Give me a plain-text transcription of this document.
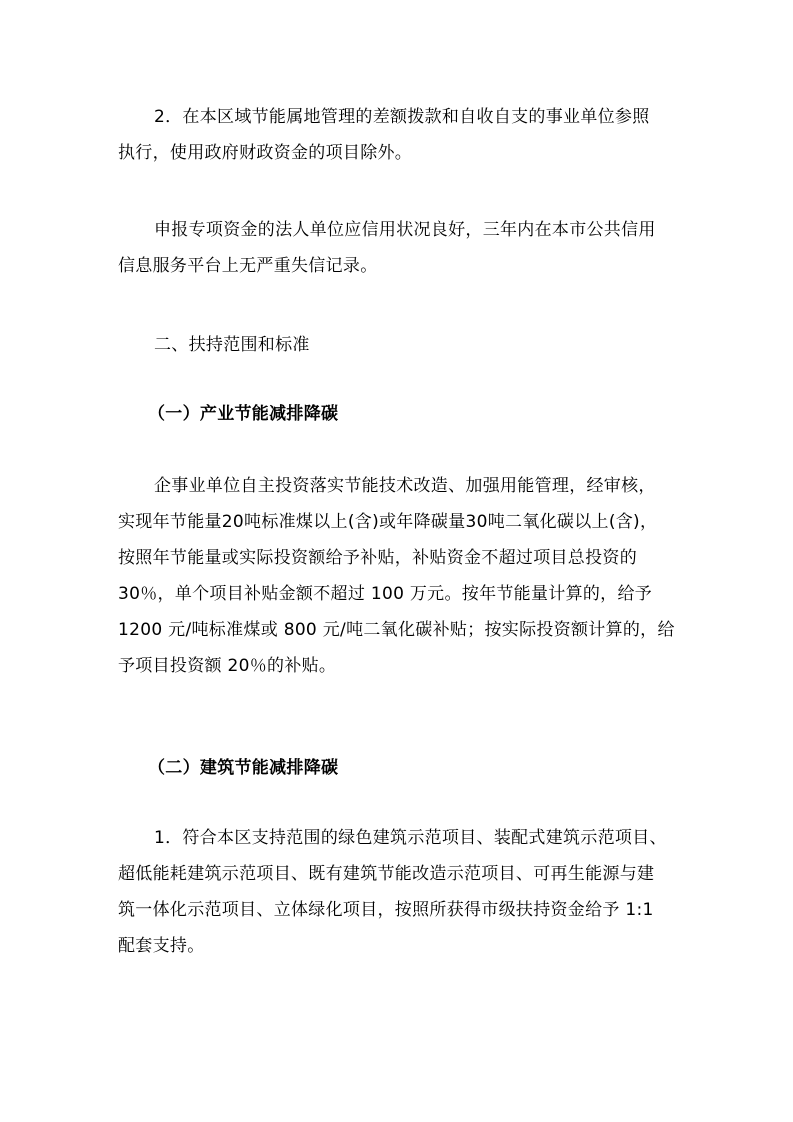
2．在本区域节能属地管理的差额拨款和自收自支的事业单位参照
执行，使用政府财政资金的项目除外。
申报专项资金的法人单位应信用状况良好，三年内在本市公共信用
信息服务平台上无严重失信记录。
二、扶持范围和标准
（一）产业节能减排降碳
企事业单位自主投资落实节能技术改造、加强用能管理，经审核，
实现年节能量20吨标准煤以上(含)或年降碳量30吨二氧化碳以上(含)，
按照年节能量或实际投资额给予补贴，补贴资金不超过项目总投资的
30％，单个项目补贴金额不超过 100 万元。按年节能量计算的，给予
1200 元/吨标准煤或 800 元/吨二氧化碳补贴；按实际投资额计算的，给
予项目投资额 20％的补贴。
（二）建筑节能减排降碳
1．符合本区支持范围的绿色建筑示范项目、装配式建筑示范项目、
超低能耗建筑示范项目、既有建筑节能改造示范项目、可再生能源与建
筑一体化示范项目、立体绿化项目，按照所获得市级扶持资金给予 1:1
配套支持。
